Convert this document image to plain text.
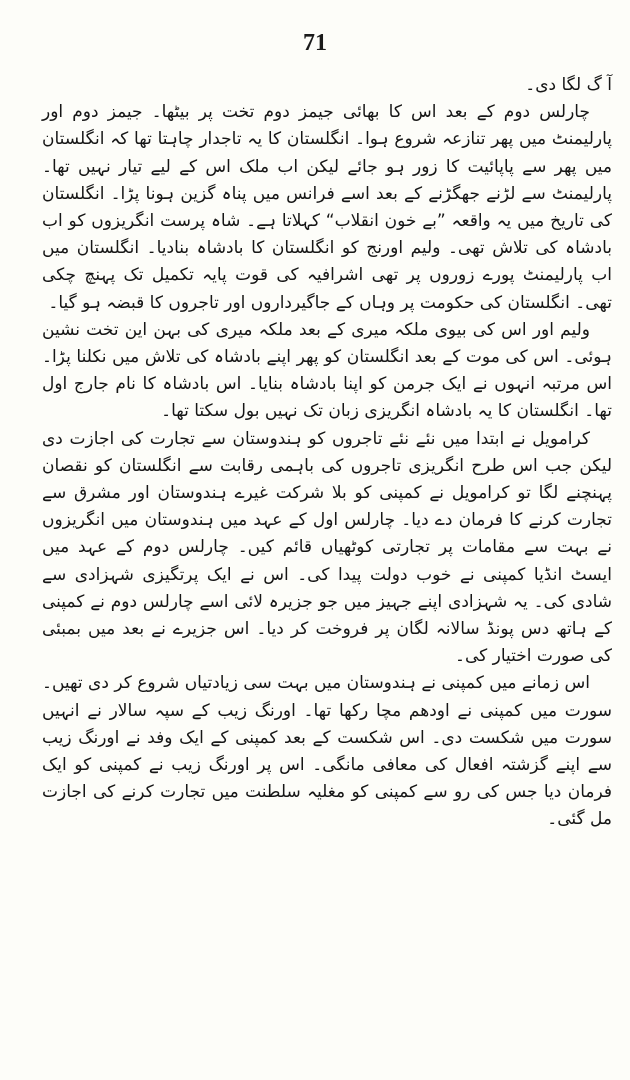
71

آ گ لگا دی۔

چارلس دوم کے بعد اس کا بھائی جیمز دوم تخت پر بیٹھا۔ جیمز دوم اور پارلیمنٹ میں پھر تنازعہ شروع ہوا۔ انگلستان کا یہ تاجدار چاہتا تھا کہ انگلستان میں پھر سے پاپائیت کا زور ہو جائے لیکن اب ملک اس کے لیے تیار نہیں تھا۔ پارلیمنٹ سے لڑنے جھگڑنے کے بعد اسے فرانس میں پناہ گزین ہونا پڑا۔ انگلستان کی تاریخ میں یہ واقعہ ”بے خون انقلاب“ کہلاتا ہے۔ شاہ پرست انگریزوں کو اب بادشاہ کی تلاش تھی۔ ولیم اورنج کو انگلستان کا بادشاہ بنادیا۔ انگلستان میں اب پارلیمنٹ پورے زوروں پر تھی اشرافیہ کی قوت پایہ تکمیل تک پہنچ چکی تھی۔ انگلستان کی حکومت پر وہاں کے جاگیرداروں اور تاجروں کا قبضہ ہو گیا۔

ولیم اور اس کی بیوی ملکہ میری کے بعد ملکہ میری کی بہن این تخت نشین ہوئی۔ اس کی موت کے بعد انگلستان کو پھر اپنے بادشاہ کی تلاش میں نکلنا پڑا۔ اس مرتبہ انہوں نے ایک جرمن کو اپنا بادشاہ بنایا۔ اس بادشاہ کا نام جارج اول تھا۔ انگلستان کا یہ بادشاہ انگریزی زبان تک نہیں بول سکتا تھا۔

کرامویل نے ابتدا میں نئے نئے تاجروں کو ہندوستان سے تجارت کی اجازت دی لیکن جب اس طرح انگریزی تاجروں کی باہمی رقابت سے انگلستان کو نقصان پہنچنے لگا تو کرامویل نے کمپنی کو بلا شرکت غیرے ہندوستان اور مشرق سے تجارت کرنے کا فرمان دے دیا۔ چارلس اول کے عہد میں ہندوستان میں انگریزوں نے بہت سے مقامات پر تجارتی کوٹھیاں قائم کیں۔ چارلس دوم کے عہد میں ایسٹ انڈیا کمپنی نے خوب دولت پیدا کی۔ اس نے ایک پرتگیزی شہزادی سے شادی کی۔ یہ شہزادی اپنے جہیز میں جو جزیرہ لائی اسے چارلس دوم نے کمپنی کے ہاتھ دس پونڈ سالانہ لگان پر فروخت کر دیا۔ اس جزیرے نے بعد میں بمبئی کی صورت اختیار کی۔

اس زمانے میں کمپنی نے ہندوستان میں بہت سی زیادتیاں شروع کر دی تھیں۔ سورت میں کمپنی نے اودھم مچا رکھا تھا۔ اورنگ زیب کے سپہ سالار نے انہیں سورت میں شکست دی۔ اس شکست کے بعد کمپنی کے ایک وفد نے اورنگ زیب سے اپنے گزشتہ افعال کی معافی مانگی۔ اس پر اورنگ زیب نے کمپنی کو ایک فرمان دیا جس کی رو سے کمپنی کو مغلیہ سلطنت میں تجارت کرنے کی اجازت مل گئی۔
